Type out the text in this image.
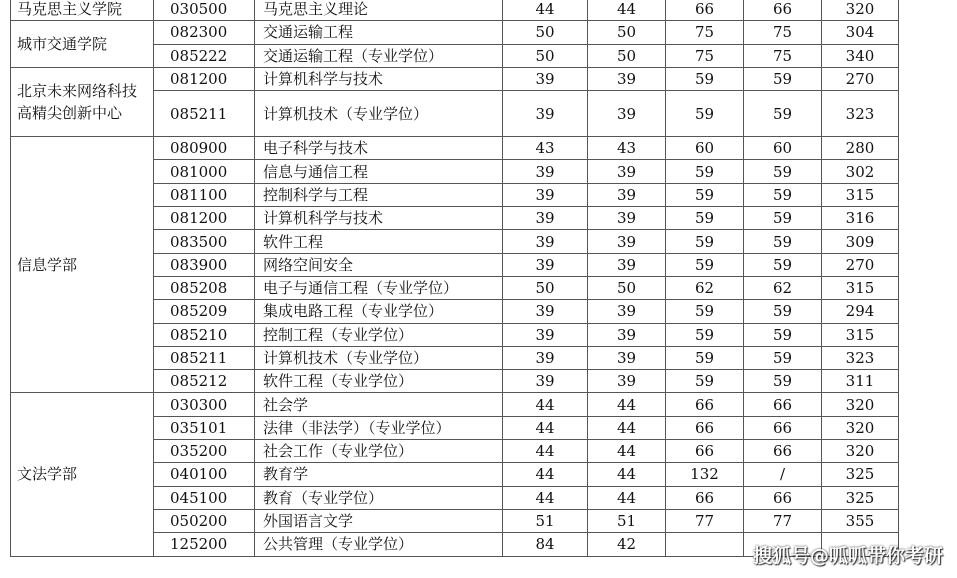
马克思主义学院	030500	马克思主义理论	44	44	66	66	320
城市交通学院	082300	交通运输工程	50	50	75	75	304
	085222	交通运输工程（专业学位）	50	50	75	75	340
北京未来网络科技高精尖创新中心	081200	计算机科学与技术	39	39	59	59	270
	085211	计算机技术（专业学位）	39	39	59	59	323
信息学部	080900	电子科学与技术	43	43	60	60	280
	081000	信息与通信工程	39	39	59	59	302
	081100	控制科学与工程	39	39	59	59	315
	081200	计算机科学与技术	39	39	59	59	316
	083500	软件工程	39	39	59	59	309
	083900	网络空间安全	39	39	59	59	270
	085208	电子与通信工程（专业学位）	50	50	62	62	315
	085209	集成电路工程（专业学位）	39	39	59	59	294
	085210	控制工程（专业学位）	39	39	59	59	315
	085211	计算机技术（专业学位）	39	39	59	59	323
	085212	软件工程（专业学位）	39	39	59	59	311
文法学部	030300	社会学	44	44	66	66	320
	035101	法律（非法学）（专业学位）	44	44	66	66	320
	035200	社会工作（专业学位）	44	44	66	66	320
	040100	教育学	44	44	132	/	325
	045100	教育（专业学位）	44	44	66	66	325
	050200	外国语言文学	51	51	77	77	355
	125200	公共管理（专业学位）	84	42			
搜狐号@呱呱带你考研
